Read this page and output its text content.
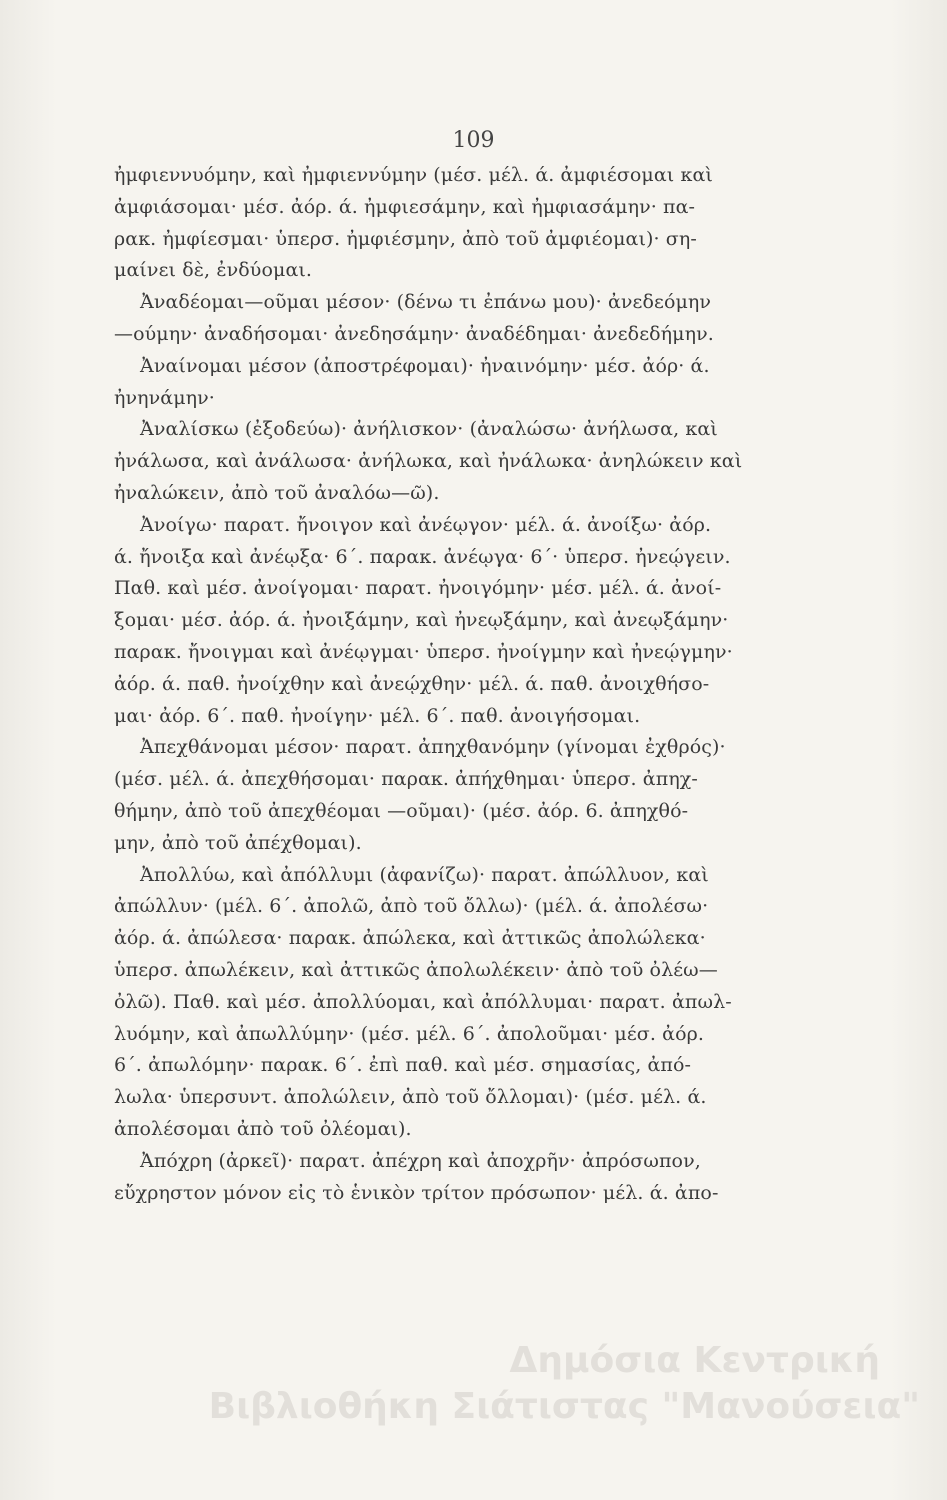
109
ἠμφιεννυόμην, καὶ ἠμφιεννύμην (μέσ. μέλ. ά. ἀμφιέσομαι καὶ
ἀμφιάσομαι· μέσ. ἀόρ. ά. ἠμφιεσάμην, καὶ ἠμφιασάμην· πα-
ρακ. ἠμφίεσμαι· ὑπερσ. ἠμφιέσμην, ἀπὸ τοῦ ἀμφιέομαι)· ση-
μαίνει δὲ, ἐνδύομαι.
Ἀναδέομαι—οῦμαι μέσον· (δένω τι ἐπάνω μου)· ἀνεδεόμην
—ούμην· ἀναδήσομαι· ἀνεδησάμην· ἀναδέδημαι· ἀνεδεδήμην.
Ἀναίνομαι μέσον (ἀποστρέφομαι)· ἠναινόμην· μέσ. ἀόρ· ά.
ἠνηνάμην·
Ἀναλίσκω (ἐξοδεύω)· ἀνήλισκον· (ἀναλώσω· ἀνήλωσα, καὶ
ἠνάλωσα, καὶ ἀνάλωσα· ἀνήλωκα, καὶ ἠνάλωκα· ἀνηλώκειν καὶ
ἠναλώκειν, ἀπὸ τοῦ ἀναλόω—ῶ).
Ἀνοίγω· παρατ. ἤνοιγον καὶ ἀνέῳγον· μέλ. ά. ἀνοίξω· ἀόρ.
ά. ἤνοιξα καὶ ἀνέῳξα· 6΄. παρακ. ἀνέῳγα· 6΄· ὑπερσ. ἠνεῴγειν.
Παθ. καὶ μέσ. ἀνοίγομαι· παρατ. ἠνοιγόμην· μέσ. μέλ. ά. ἀνοί-
ξομαι· μέσ. ἀόρ. ά. ἠνοιξάμην, καὶ ἠνεῳξάμην, καὶ ἀνεῳξάμην·
παρακ. ἤνοιγμαι καὶ ἀνέῳγμαι· ὑπερσ. ἠνοίγμην καὶ ἠνεῴγμην·
ἀόρ. ά. παθ. ἠνοίχθην καὶ ἀνεῴχθην· μέλ. ά. παθ. ἀνοιχθήσο-
μαι· ἀόρ. 6΄. παθ. ἠνοίγην· μέλ. 6΄. παθ. ἀνοιγήσομαι.
Ἀπεχθάνομαι μέσον· παρατ. ἀπηχθανόμην (γίνομαι ἐχθρός)·
(μέσ. μέλ. ά. ἀπεχθήσομαι· παρακ. ἀπήχθημαι· ὑπερσ. ἀπηχ-
θήμην, ἀπὸ τοῦ ἀπεχθέομαι —οῦμαι)· (μέσ. ἀόρ. 6. ἀπηχθό-
μην, ἀπὸ τοῦ ἀπέχθομαι).
Ἀπολλύω, καὶ ἀπόλλυμι (ἀφανίζω)· παρατ. ἀπώλλυον, καὶ
ἀπώλλυν· (μέλ. 6΄. ἀπολῶ, ἀπὸ τοῦ ὄλλω)· (μέλ. ά. ἀπολέσω·
ἀόρ. ά. ἀπώλεσα· παρακ. ἀπώλεκα, καὶ ἀττικῶς ἀπολώλεκα·
ὑπερσ. ἀπωλέκειν, καὶ ἀττικῶς ἀπολωλέκειν· ἀπὸ τοῦ ὀλέω—
ὀλῶ). Παθ. καὶ μέσ. ἀπολλύομαι, καὶ ἀπόλλυμαι· παρατ. ἀπωλ-
λυόμην, καὶ ἀπωλλύμην· (μέσ. μέλ. 6΄. ἀπολοῦμαι· μέσ. ἀόρ.
6΄. ἀπωλόμην· παρακ. 6΄. ἐπὶ παθ. καὶ μέσ. σημασίας, ἀπό-
λωλα· ὑπερσυντ. ἀπολώλειν, ἀπὸ τοῦ ὄλλομαι)· (μέσ. μέλ. ά.
ἀπολέσομαι ἀπὸ τοῦ ὀλέομαι).
Ἀπόχρη (ἀρκεῖ)· παρατ. ἀπέχρη καὶ ἀποχρῆν· ἀπρόσωπον,
εὔχρηστον μόνον εἰς τὸ ἑνικὸν τρίτον πρόσωπον· μέλ. ά. ἀπο-
Δημόσια Κεντρική
Βιβλιοθήκη Σιάτιστας "Μανούσεια"
